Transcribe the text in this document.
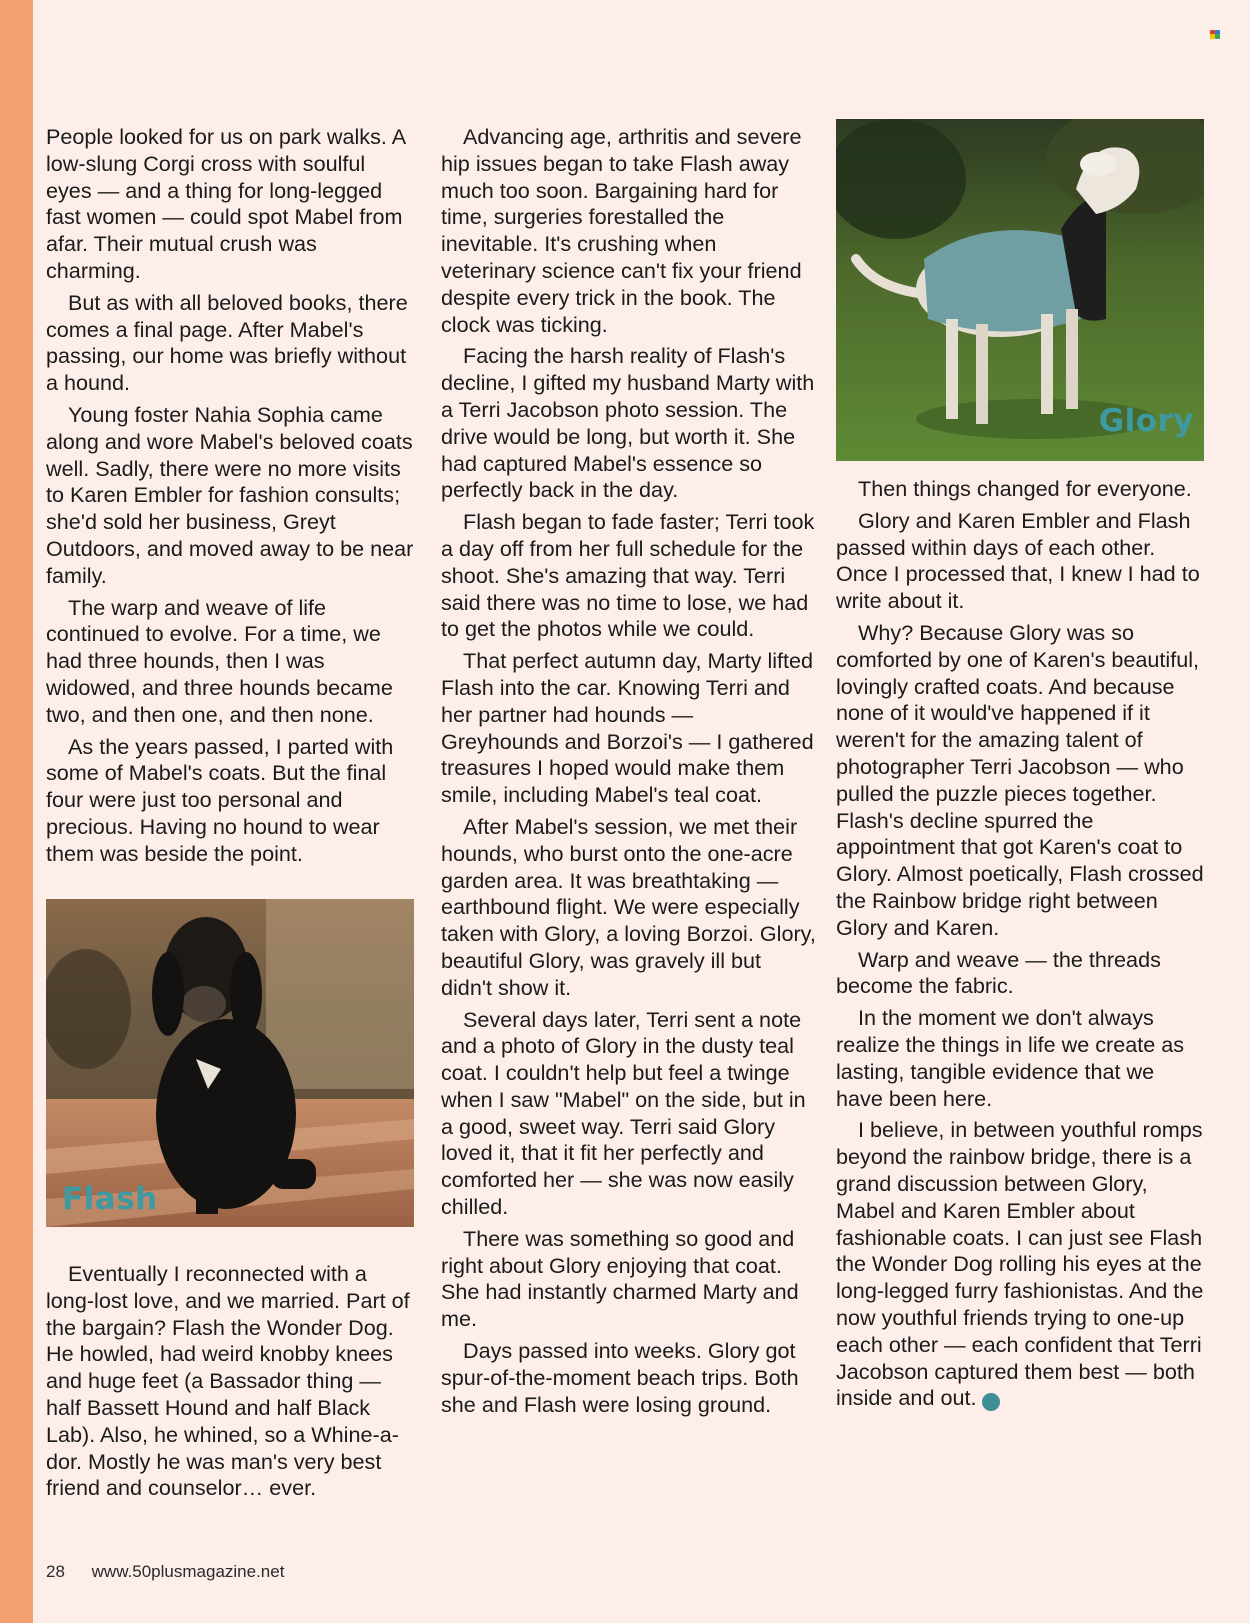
People looked for us on park walks. A low-slung Corgi cross with soulful eyes — and a thing for long-legged fast women — could spot Mabel from afar. Their mutual crush was charming.

But as with all beloved books, there comes a final page. After Mabel's passing, our home was briefly without a hound.

Young foster Nahia Sophia came along and wore Mabel's beloved coats well. Sadly, there were no more visits to Karen Embler for fashion consults; she'd sold her business, Greyt Outdoors, and moved away to be near family.

The warp and weave of life continued to evolve. For a time, we had three hounds, then I was widowed, and three hounds became two, and then one, and then none.

As the years passed, I parted with some of Mabel's coats. But the final four were just too personal and precious. Having no hound to wear them was beside the point.

Flash

Eventually I reconnected with a long-lost love, and we married. Part of the bargain? Flash the Wonder Dog. He howled, had weird knobby knees and huge feet (a Bassador thing — half Bassett Hound and half Black Lab). Also, he whined, so a Whine-a-dor. Mostly he was man's very best friend and counselor… ever.

Advancing age, arthritis and severe hip issues began to take Flash away much too soon. Bargaining hard for time, surgeries forestalled the inevitable. It's crushing when veterinary science can't fix your friend despite every trick in the book. The clock was ticking.

Facing the harsh reality of Flash's decline, I gifted my husband Marty with a Terri Jacobson photo session. The drive would be long, but worth it. She had captured Mabel's essence so perfectly back in the day.

Flash began to fade faster; Terri took a day off from her full schedule for the shoot. She's amazing that way. Terri said there was no time to lose, we had to get the photos while we could.

That perfect autumn day, Marty lifted Flash into the car. Knowing Terri and her partner had hounds — Greyhounds and Borzoi's — I gathered treasures I hoped would make them smile, including Mabel's teal coat.

After Mabel's session, we met their hounds, who burst onto the one-acre garden area. It was breathtaking — earthbound flight. We were especially taken with Glory, a loving Borzoi. Glory, beautiful Glory, was gravely ill but didn't show it.

Several days later, Terri sent a note and a photo of Glory in the dusty teal coat. I couldn't help but feel a twinge when I saw "Mabel" on the side, but in a good, sweet way. Terri said Glory loved it, that it fit her perfectly and comforted her — she was now easily chilled.

There was something so good and right about Glory enjoying that coat. She had instantly charmed Marty and me.

Days passed into weeks. Glory got spur-of-the-moment beach trips. Both she and Flash were losing ground.

Glory

Then things changed for everyone.

Glory and Karen Embler and Flash passed within days of each other. Once I processed that, I knew I had to write about it.

Why? Because Glory was so comforted by one of Karen's beautiful, lovingly crafted coats. And because none of it would've happened if it weren't for the amazing talent of photographer Terri Jacobson — who pulled the puzzle pieces together. Flash's decline spurred the appointment that got Karen's coat to Glory. Almost poetically, Flash crossed the Rainbow bridge right between Glory and Karen.

Warp and weave — the threads become the fabric.

In the moment we don't always realize the things in life we create as lasting, tangible evidence that we have been here.

I believe, in between youthful romps beyond the rainbow bridge, there is a grand discussion between Glory, Mabel and Karen Embler about fashionable coats. I can just see Flash the Wonder Dog rolling his eyes at the long-legged furry fashionistas. And the now youthful friends trying to one-up each other — each confident that Terri Jacobson captured them best — both inside and out.

28 www.50plusmagazine.net
